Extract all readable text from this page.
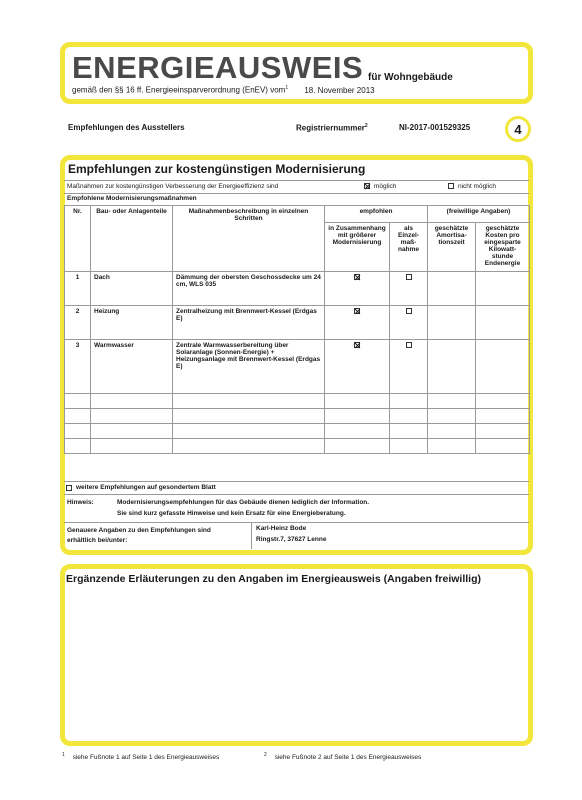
ENERGIEAUSWEIS für Wohngebäude
gemäß den §§ 16 ff. Energieeinsparverordnung (EnEV) vom$^1$ 18. November 2013
Empfehlungen des Ausstellers	Registriernummer$^2$	NI-2017-001529325	4
Empfehlungen zur kostengünstigen Modernisierung
Maßnahmen zur kostengünstigen Verbesserung der Energieeffizienz sind	möglich	nicht möglich
Empfohlene Modernisierungsmaßnahmen
Nr.	Bau- oder Anlagenteile	Maßnahmenbeschreibung in einzelnen Schritten	empfohlen		(freiwillige Angaben)	
			in Zusammenhang mit größerer Modernisierung	als Einzel-maß-nahme	geschätzte Amortisa-tionszeit	geschätzte Kosten pro eingesparte Kilowatt-stunde Endenergie
1	Dach	Dämmung der obersten Geschossdecke um 24 cm, WLS 035				
2	Heizung	Zentralheizung mit Brennwert-Kessel (Erdgas E)				
3	Warmwasser	Zentrale Warmwasserbereitung über Solaranlage (Sonnen-Energie) + Heizungsanlage mit Brennwert-Kessel (Erdgas E)				

weitere Empfehlungen auf gesondertem Blatt
Hinweis:	Modernisierungsempfehlungen für das Gebäude dienen lediglich der Information.
Sie sind kurz gefasste Hinweise und kein Ersatz für eine Energieberatung.
Genauere Angaben zu den Empfehlungen sind
erhältlich bei/unter:
Karl-Heinz Bode
Ringstr.7, 37627 Lenne
Ergänzende Erläuterungen zu den Angaben im Energieausweis (Angaben freiwillig)
$^1$ siehe Fußnote 1 auf Seite 1 des Energieausweises	$^2$ siehe Fußnote 2 auf Seite 1 des Energieausweises
